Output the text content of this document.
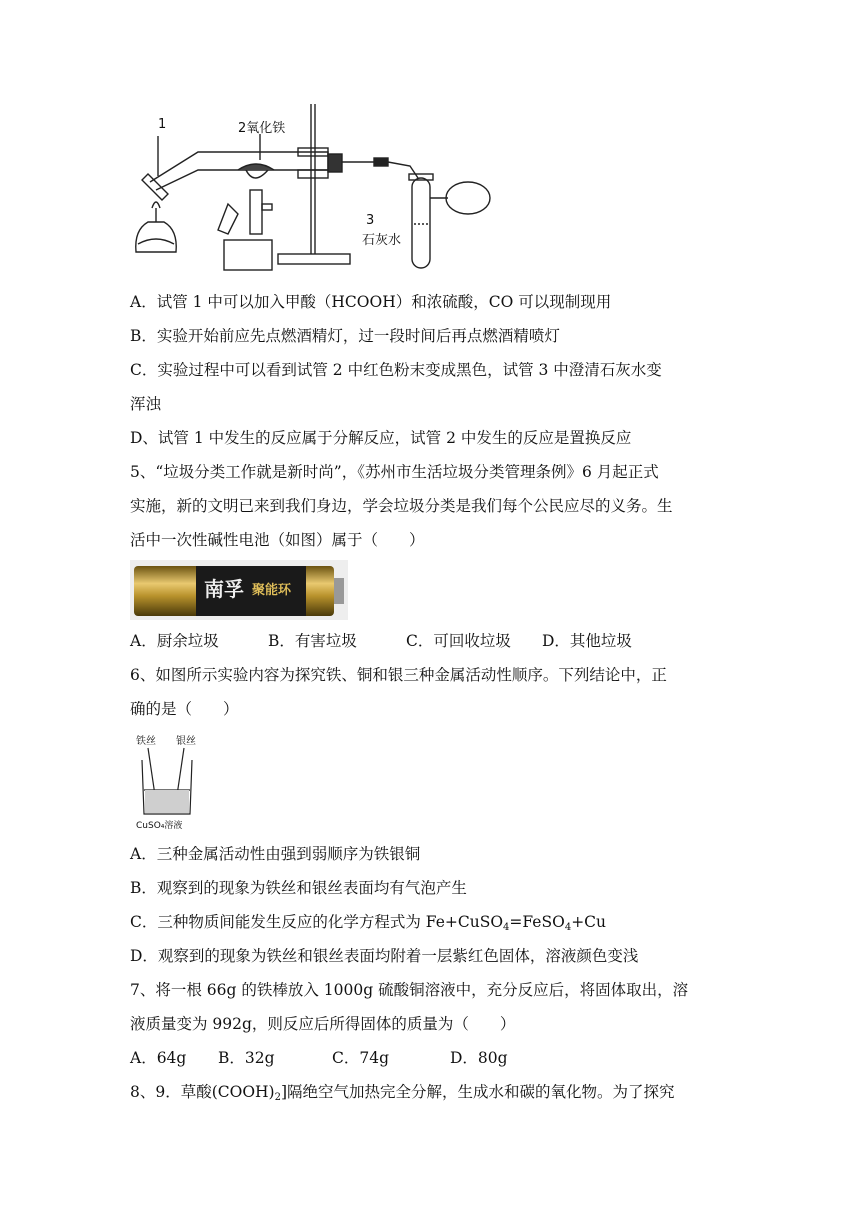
1	2氧化铁
3
石灰水
A．试管 1 中可以加入甲酸（HCOOH）和浓硫酸，CO 可以现制现用
B．实验开始前应先点燃酒精灯，过一段时间后再点燃酒精喷灯
C．实验过程中可以看到试管 2 中红色粉末变成黑色，试管 3 中澄清石灰水变
浑浊
D、试管 1 中发生的反应属于分解反应，试管 2 中发生的反应是置换反应
5、“垃圾分类工作就是新时尚”，《苏州市生活垃圾分类管理条例》6 月起正式
实施，新的文明已来到我们身边，学会垃圾分类是我们每个公民应尽的义务。生
活中一次性碱性电池（如图）属于（　　）
南孚 聚能环
A．厨余垃圾	B．有害垃圾	C．可回收垃圾 D．其他垃圾
6、如图所示实验内容为探究铁、铜和银三种金属活动性顺序。下列结论中，正
确的是（　　）
铁丝 银丝
CuSO₄溶液
A．三种金属活动性由强到弱顺序为铁银铜
B．观察到的现象为铁丝和银丝表面均有气泡产生
C．三种物质间能发生反应的化学方程式为 Fe+CuSO$_4$=FeSO$_4$+Cu
D．观察到的现象为铁丝和银丝表面均附着一层紫红色固体，溶液颜色变浅
7、将一根 66g 的铁棒放入 1000g 硫酸铜溶液中，充分反应后，将固体取出，溶
液质量变为 992g，则反应后所得固体的质量为（　　）
A．64g B．32g	C．74g	D．80g
8、9．草酸$(COOH)_2$]隔绝空气加热完全分解，生成水和碳的氧化物。为了探究
